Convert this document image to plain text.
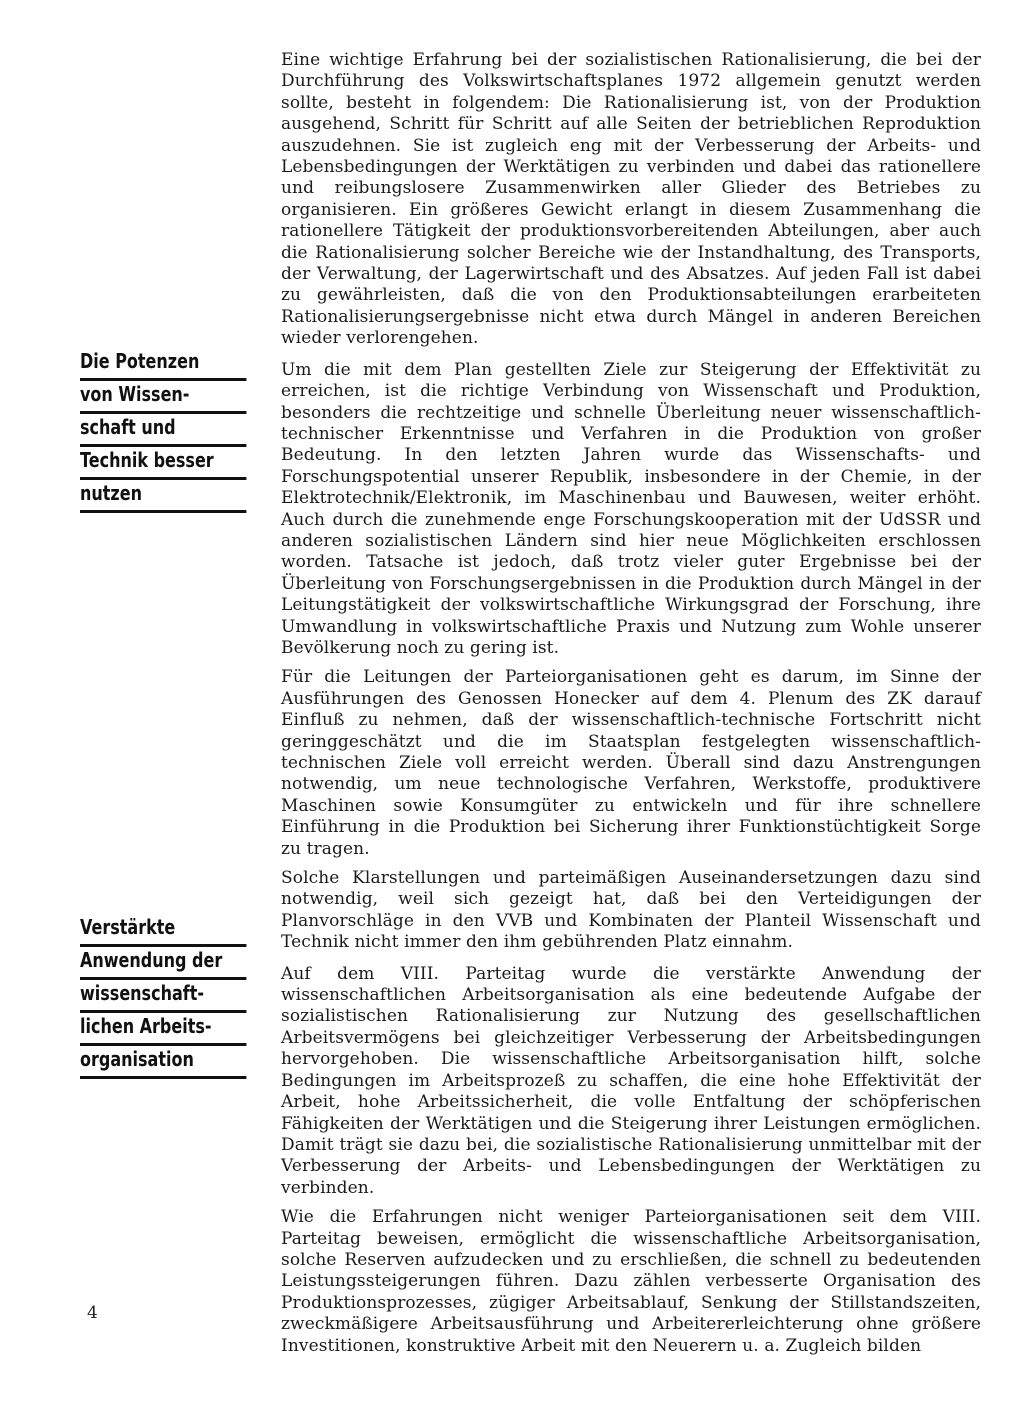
Die Potenzen
von Wissen-
schaft und
Technik besser
nutzen
Verstärkte
Anwendung der
wissenschaft-
lichen Arbeits-
organisation

Eine wichtige Erfahrung bei der sozialistischen Rationalisierung, die bei der Durchführung des Volkswirtschaftsplanes 1972 allgemein genutzt werden sollte, besteht in folgendem: Die Rationalisierung ist, von der Produktion ausgehend, Schritt für Schritt auf alle Seiten der betrieblichen Reproduktion auszudehnen. Sie ist zugleich eng mit der Verbesserung der Arbeits- und Lebensbedingungen der Werktätigen zu verbinden und dabei das rationellere und reibungslosere Zusammenwirken aller Glieder des Betriebes zu organisieren. Ein größeres Gewicht erlangt in diesem Zusammenhang die rationellere Tätigkeit der produktionsvorbereitenden Abteilungen, aber auch die Rationalisierung solcher Bereiche wie der Instandhaltung, des Transports, der Verwaltung, der Lagerwirtschaft und des Absatzes. Auf jeden Fall ist dabei zu gewährleisten, daß die von den Produktionsabteilungen erarbeiteten Rationalisierungsergebnisse nicht etwa durch Mängel in anderen Bereichen wieder verlorengehen.

Um die mit dem Plan gestellten Ziele zur Steigerung der Effektivität zu erreichen, ist die richtige Verbindung von Wissenschaft und Produktion, besonders die rechtzeitige und schnelle Überleitung neuer wissenschaftlich-technischer Erkenntnisse und Verfahren in die Produktion von großer Bedeutung. In den letzten Jahren wurde das Wissenschafts- und Forschungspotential unserer Republik, insbesondere in der Chemie, in der Elektrotechnik/Elektronik, im Maschinenbau und Bauwesen, weiter erhöht. Auch durch die zunehmende enge Forschungskooperation mit der UdSSR und anderen sozialistischen Ländern sind hier neue Möglichkeiten erschlossen worden. Tatsache ist jedoch, daß trotz vieler guter Ergebnisse bei der Überleitung von Forschungsergebnissen in die Produktion durch Mängel in der Leitungstätigkeit der volkswirtschaftliche Wirkungsgrad der Forschung, ihre Umwandlung in volkswirtschaftliche Praxis und Nutzung zum Wohle unserer Bevölkerung noch zu gering ist.

Für die Leitungen der Parteiorganisationen geht es darum, im Sinne der Ausführungen des Genossen Honecker auf dem 4. Plenum des ZK darauf Einfluß zu nehmen, daß der wissenschaftlich-technische Fortschritt nicht geringgeschätzt und die im Staatsplan festgelegten wissenschaftlich-technischen Ziele voll erreicht werden. Überall sind dazu Anstrengungen notwendig, um neue technologische Verfahren, Werkstoffe, produktivere Maschinen sowie Konsumgüter zu entwickeln und für ihre schnellere Einführung in die Produktion bei Sicherung ihrer Funktionstüchtigkeit Sorge zu tragen.

Solche Klarstellungen und parteimäßigen Auseinandersetzungen dazu sind notwendig, weil sich gezeigt hat, daß bei den Verteidigungen der Planvorschläge in den VVB und Kombinaten der Planteil Wissenschaft und Technik nicht immer den ihm gebührenden Platz einnahm.

Auf dem VIII. Parteitag wurde die verstärkte Anwendung der wissenschaftlichen Arbeitsorganisation als eine bedeutende Aufgabe der sozialistischen Rationalisierung zur Nutzung des gesellschaftlichen Arbeitsvermögens bei gleichzeitiger Verbesserung der Arbeitsbedingungen hervorgehoben. Die wissenschaftliche Arbeitsorganisation hilft, solche Bedingungen im Arbeitsprozeß zu schaffen, die eine hohe Effektivität der Arbeit, hohe Arbeitssicherheit, die volle Entfaltung der schöpferischen Fähigkeiten der Werktätigen und die Steigerung ihrer Leistungen ermöglichen. Damit trägt sie dazu bei, die sozialistische Rationalisierung unmittelbar mit der Verbesserung der Arbeits- und Lebensbedingungen der Werktätigen zu verbinden.

Wie die Erfahrungen nicht weniger Parteiorganisationen seit dem VIII. Parteitag beweisen, ermöglicht die wissenschaftliche Arbeitsorganisation, solche Reserven aufzudecken und zu erschließen, die schnell zu bedeutenden Leistungssteigerungen führen. Dazu zählen verbesserte Organisation des Produktionsprozesses, zügiger Arbeitsablauf, Senkung der Stillstandszeiten, zweckmäßigere Arbeitsausführung und Arbeitererleichterung ohne größere Investitionen, konstruktive Arbeit mit den Neuerern u. a. Zugleich bilden

4
